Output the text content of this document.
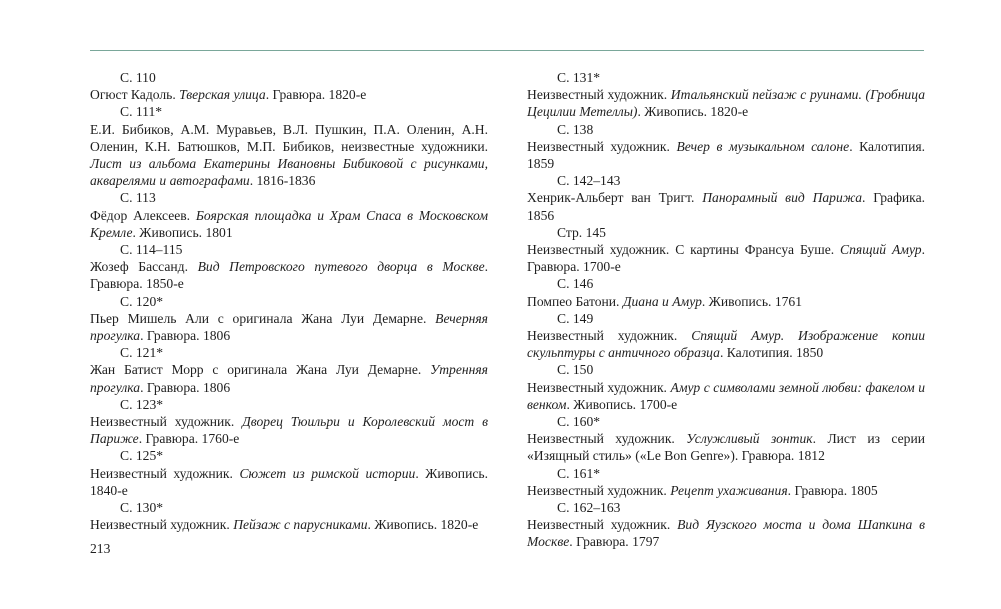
С. 110
Огюст Кадоль. Тверская улица. Гравюра. 1820-е
С. 111*
Е.И. Бибиков, А.М. Муравьев, В.Л. Пушкин, П.А. Оленин, А.Н. Оленин, К.Н. Батюшков, М.П. Бибиков, неизвестные художники. Лист из альбома Екатерины Ивановны Бибиковой с рисунками, акварелями и автографами. 1816-1836
С. 113
Фёдор Алексеев. Боярская площадка и Храм Спаса в Московском Кремле. Живопись. 1801
С. 114–115
Жозеф Бассанд. Вид Петровского путевого дворца в Москве. Гравюра. 1850-е
С. 120*
Пьер Мишель Али с оригинала Жана Луи Демарне. Вечерняя прогулка. Гравюра. 1806
С. 121*
Жан Батист Морр с оригинала Жана Луи Демарне. Утренняя прогулка. Гравюра. 1806
С. 123*
Неизвестный художник. Дворец Тюильри и Королевский мост в Париже. Гравюра. 1760-е
С. 125*
Неизвестный художник. Сюжет из римской истории. Живопись. 1840-е
С. 130*
Неизвестный художник. Пейзаж с парусниками. Живопись. 1820-е
С. 131*
Неизвестный художник. Итальянский пейзаж с руинами. (Гробница Цецилии Метеллы). Живопись. 1820-е
С. 138
Неизвестный художник. Вечер в музыкальном салоне. Калотипия. 1859
С. 142–143
Хенрик-Альберт ван Тригт. Панорамный вид Парижа. Графика. 1856
Стр. 145
Неизвестный художник. С картины Франсуа Буше. Спящий Амур. Гравюра. 1700-е
С. 146
Помпео Батони. Диана и Амур. Живопись. 1761
С. 149
Неизвестный художник. Спящий Амур. Изображение копии скульптуры с античного образца. Калотипия. 1850
С. 150
Неизвестный художник. Амур с символами земной любви: факелом и венком. Живопись. 1700-е
С. 160*
Неизвестный художник. Услужливый зонтик. Лист из серии «Изящный стиль» («Le Bon Genre»). Гравюра. 1812
С. 161*
Неизвестный художник. Рецепт ухаживания. Гравюра. 1805
С. 162–163
Неизвестный художник. Вид Яузского моста и дома Шапкина в Москве. Гравюра. 1797
213
